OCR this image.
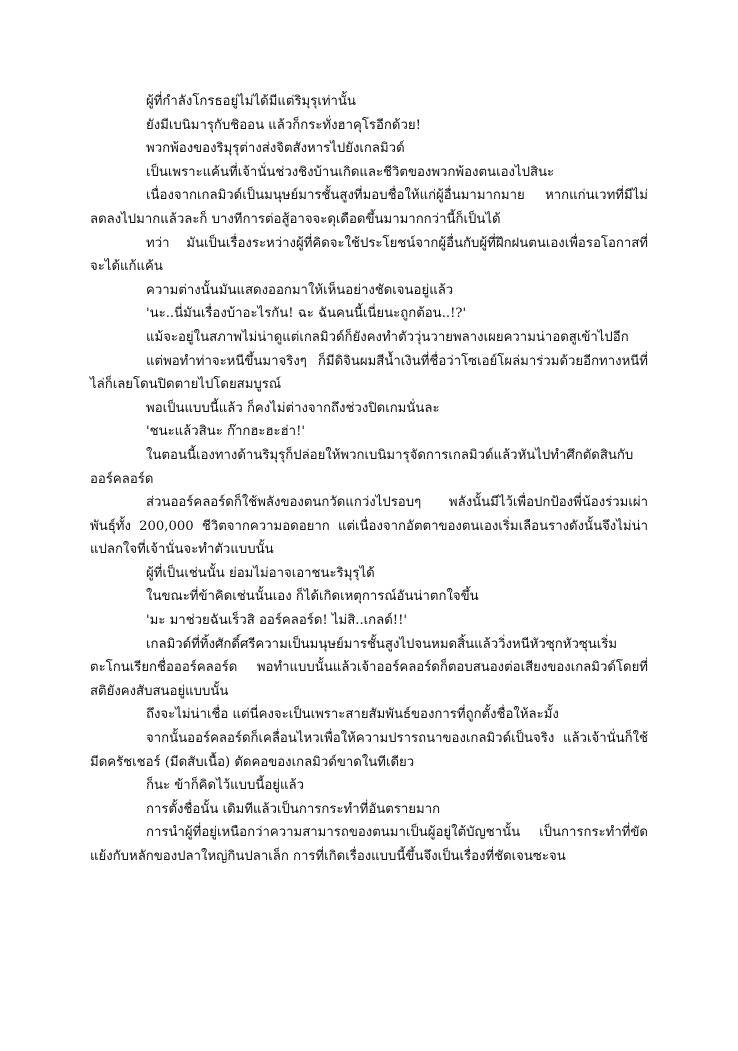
ผู้ที่กำลังโกรธอยู่ไม่ได้มีแต่ริมุรุเท่านั้น

ยังมีเบนิมารุกับชิออน แล้วก็กระทั่งฮาคุโรอีกด้วย!

พวกพ้องของริมุรุต่างส่งจิตสังหารไปยังเกลมิวด์

เป็นเพราะแค้นที่เจ้านั่นช่วงชิงบ้านเกิดและชีวิตของพวกพ้องตนเองไปสินะ

เนื่องจากเกลมิวด์เป็นมนุษย์มารชั้นสูงที่มอบชื่อให้แก่ผู้อื่นมามากมาย หากแก่นเวทที่มีไม่ลดลงไปมากแล้วละก็ บางทีการต่อสู้อาจจะดุเดือดขึ้นมามากกว่านี้ก็เป็นได้

ทว่า มันเป็นเรื่องระหว่างผู้ที่คิดจะใช้ประโยชน์จากผู้อื่นกับผู้ที่ฝึกฝนตนเองเพื่อรอโอกาสที่จะได้แก้แค้น

ความต่างนั้นมันแสดงออกมาให้เห็นอย่างชัดเจนอยู่แล้ว

'นะ..นี่มันเรื่องบ้าอะไรกัน! ฉะ ฉันคนนี้เนี่ยนะถูกต้อน..!?'

แม้จะอยู่ในสภาพไม่น่าดูแต่เกลมิวด์ก็ยังคงทำตัววุ่นวายพลางเผยความน่าอดสูเข้าไปอีก

แต่พอทำท่าจะหนีขึ้นมาจริงๆ ก็มีดิจินผมสีน้ำเงินที่ชื่อว่าโซเอย์โผล่มาร่วมด้วยอีกทางหนีที่ไล่ก็เลยโดนปิดตายไปโดยสมบูรณ์

พอเป็นแบบนี้แล้ว ก็คงไม่ต่างจากถึงช่วงปิดเกมนั่นละ

'ชนะแล้วสินะ ก๊ากฮะฮะฮ่า!'

ในตอนนี้เองทางด้านริมุรุก็ปล่อยให้พวกเบนิมารุจัดการเกลมิวด์แล้วหันไปทำศึกตัดสินกับออร์คลอร์ด

ส่วนออร์คลอร์ดก็ใช้พลังของตนกวัดแกว่งไปรอบๆ พลังนั้นมีไว้เพื่อปกป้องพี่น้องร่วมเผ่าพันธุ์ทั้ง 200,000 ชีวิตจากความอดอยาก แต่เนื่องจากอัตตาของตนเองเริ่มเลือนรางดังนั้นจึงไม่น่าแปลกใจที่เจ้านั่นจะทำตัวแบบนั้น

ผู้ที่เป็นเช่นนั้น ย่อมไม่อาจเอาชนะริมุรุได้

ในขณะที่ข้าคิดเช่นนั้นเอง ก็ได้เกิดเหตุการณ์อันน่าตกใจขึ้น

'มะ มาช่วยฉันเร็วสิ ออร์คลอร์ด! ไม่สิ..เกลด์!!'

เกลมิวด์ที่ทิ้งศักดิ์ศรีความเป็นมนุษย์มารชั้นสูงไปจนหมดสิ้นแล้ววิ่งหนีหัวซุกหัวซุนเริ่มตะโกนเรียกชื่อออร์คลอร์ด พอทำแบบนั้นแล้วเจ้าออร์คลอร์ดก็ตอบสนองต่อเสียงของเกลมิวด์โดยที่สติยังคงสับสนอยู่แบบนั้น

ถึงจะไม่น่าเชื่อ แต่นี่คงจะเป็นเพราะสายสัมพันธ์ของการที่ถูกตั้งชื่อให้ละมั้ง

จากนั้นออร์คลอร์ดก็เคลื่อนไหวเพื่อให้ความปรารถนาของเกลมิวด์เป็นจริง แล้วเจ้านั่นก็ใช้มีดครัชเชอร์ (มีดสับเนื้อ) ตัดคอของเกลมิวด์ขาดในทีเดียว

ก็นะ ข้าก็คิดไว้แบบนี้อยู่แล้ว

การตั้งชื่อนั้น เดิมทีแล้วเป็นการกระทำที่อันตรายมาก

การนำผู้ที่อยู่เหนือกว่าความสามารถของตนมาเป็นผู้อยู่ใต้บัญชานั้น เป็นการกระทำที่ขัดแย้งกับหลักของปลาใหญ่กินปลาเล็ก การที่เกิดเรื่องแบบนี้ขึ้นจึงเป็นเรื่องที่ชัดเจนซะจน
